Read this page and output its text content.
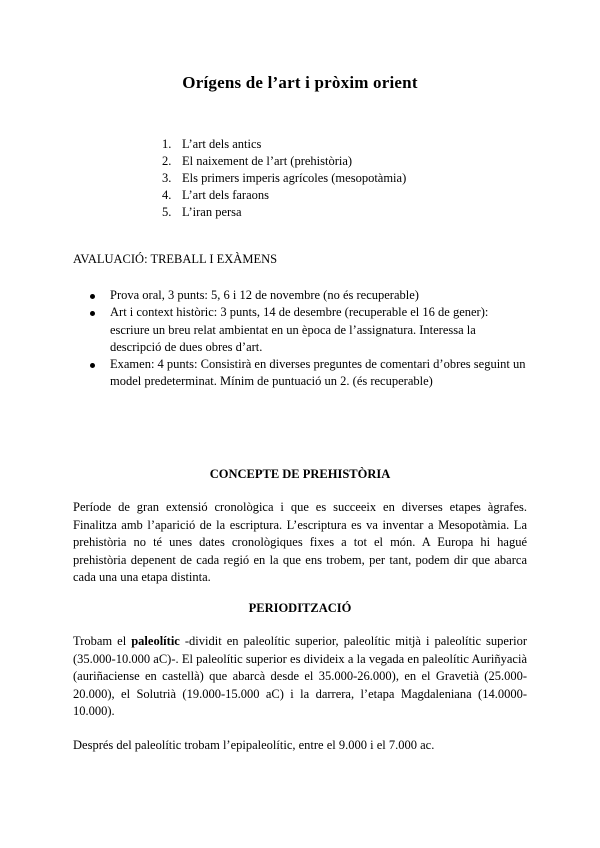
Orígens de l’art i pròxim orient
1. L’art dels antics
2. El naixement de l’art (prehistòria)
3. Els primers imperis agrícoles (mesopotàmia)
4. L’art dels faraons
5. L’iran persa
AVALUACIÓ: TREBALL I EXÀMENS
Prova oral, 3 punts: 5, 6 i 12 de novembre (no és recuperable)
Art i context històric: 3 punts, 14 de desembre (recuperable el 16 de gener): escriure un breu relat ambientat en un època de l’assignatura. Interessa la descripció de dues obres d’art.
Examen: 4 punts: Consistirà en diverses preguntes de comentari d’obres seguint un model predeterminat. Mínim de puntuació un 2. (és recuperable)
CONCEPTE DE PREHISTÒRIA

Període de gran extensió cronològica i que es succeeix en diverses etapes àgrafes. Finalitza amb l’aparició de la escriptura. L’escriptura es va inventar a Mesopotàmia. La prehistòria no té unes dates cronològiques fixes a tot el món. A Europa hi hagué prehistòria depenent de cada regió en la que ens trobem, per tant, podem dir que abarca cada una una etapa distinta.

PERIODITZACIÓ

Trobam el paleolític -dividit en paleolític superior, paleolític mitjà i paleolític superior (35.000-10.000 aC)-. El paleolític superior es divideix a la vegada en paleolític Auriñyacià (auriñaciense en castellà) que abarcà desde el 35.000-26.000), en el Gravetià (25.000-20.000), el Solutrià (19.000-15.000 aC) i la darrera, l’etapa Magdaleniana (14.0000-10.000).

Després del paleolític trobam l’epipaleolític, entre el 9.000 i el 7.000 ac.
